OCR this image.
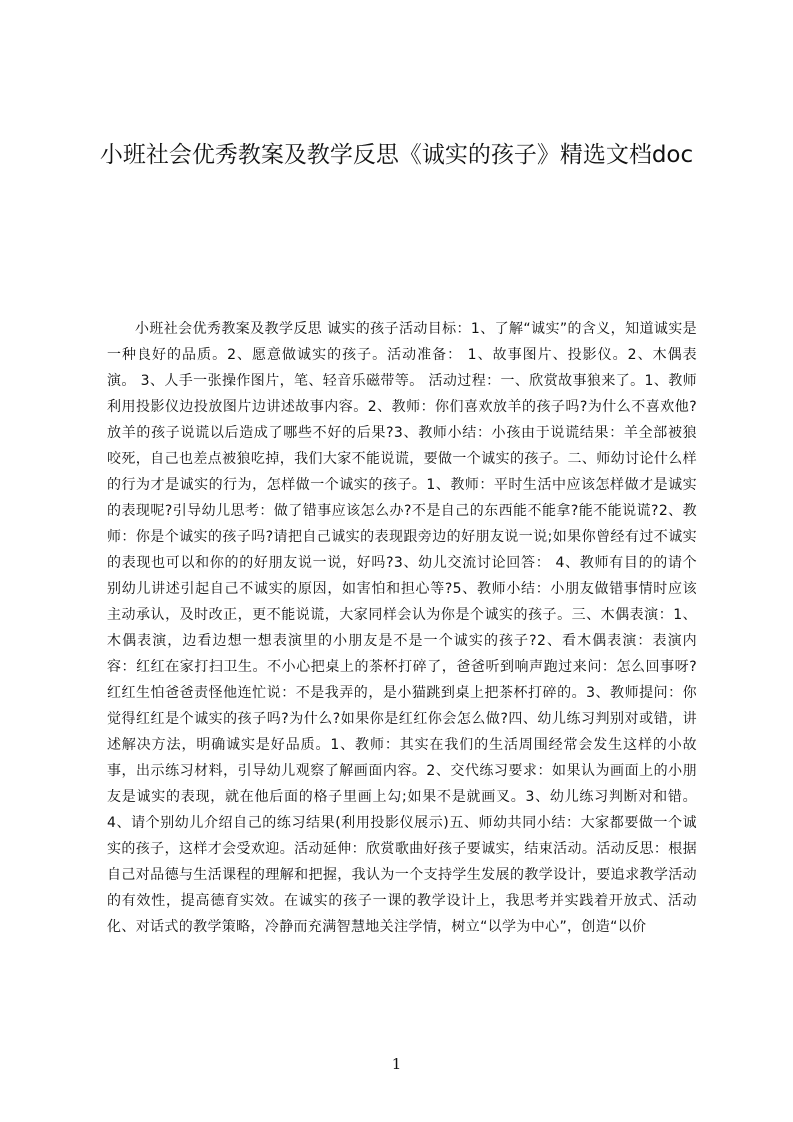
小班社会优秀教案及教学反思《诚实的孩子》精选文档doc

小班社会优秀教案及教学反思 诚实的孩子活动目标：1、了解“诚实”的含义，知道诚实是一种良好的品质。2、愿意做诚实的孩子。活动准备： 1、故事图片、投影仪。2、木偶表演。 3、人手一张操作图片，笔、轻音乐磁带等。 活动过程：一、欣赏故事狼来了。1、教师利用投影仪边投放图片边讲述故事内容。2、教师：你们喜欢放羊的孩子吗?为什么不喜欢他?放羊的孩子说谎以后造成了哪些不好的后果?3、教师小结：小孩由于说谎结果：羊全部被狼咬死，自己也差点被狼吃掉，我们大家不能说谎，要做一个诚实的孩子。二、师幼讨论什么样的行为才是诚实的行为，怎样做一个诚实的孩子。1、教师：平时生活中应该怎样做才是诚实的表现呢?引导幼儿思考：做了错事应该怎么办?不是自己的东西能不能拿?能不能说谎?2、教师：你是个诚实的孩子吗?请把自己诚实的表现跟旁边的好朋友说一说;如果你曾经有过不诚实的表现也可以和你的的好朋友说一说，好吗?3、幼儿交流讨论回答： 4、教师有目的的请个别幼儿讲述引起自己不诚实的原因，如害怕和担心等?5、教师小结：小朋友做错事情时应该主动承认，及时改正，更不能说谎，大家同样会认为你是个诚实的孩子。三、木偶表演：1、木偶表演，边看边想一想表演里的小朋友是不是一个诚实的孩子?2、看木偶表演：表演内容：红红在家打扫卫生。不小心把桌上的茶杯打碎了，爸爸听到响声跑过来问：怎么回事呀?红红生怕爸爸责怪他连忙说：不是我弄的，是小猫跳到桌上把茶杯打碎的。3、教师提问：你觉得红红是个诚实的孩子吗?为什么?如果你是红红你会怎么做?四、幼儿练习判别对或错，讲述解决方法，明确诚实是好品质。1、教师：其实在我们的生活周围经常会发生这样的小故事，出示练习材料，引导幼儿观察了解画面内容。2、交代练习要求：如果认为画面上的小朋友是诚实的表现，就在他后面的格子里画上勾;如果不是就画叉。3、幼儿练习判断对和错。4、请个别幼儿介绍自己的练习结果(利用投影仪展示)五、师幼共同小结：大家都要做一个诚实的孩子，这样才会受欢迎。活动延伸：欣赏歌曲好孩子要诚实，结束活动。活动反思：根据自己对品德与生活课程的理解和把握，我认为一个支持学生发展的教学设计，要追求教学活动的有效性，提高德育实效。在诚实的孩子一课的教学设计上，我思考并实践着开放式、活动化、对话式的教学策略，冷静而充满智慧地关注学情，树立“以学为中心”，创造“以价

1
